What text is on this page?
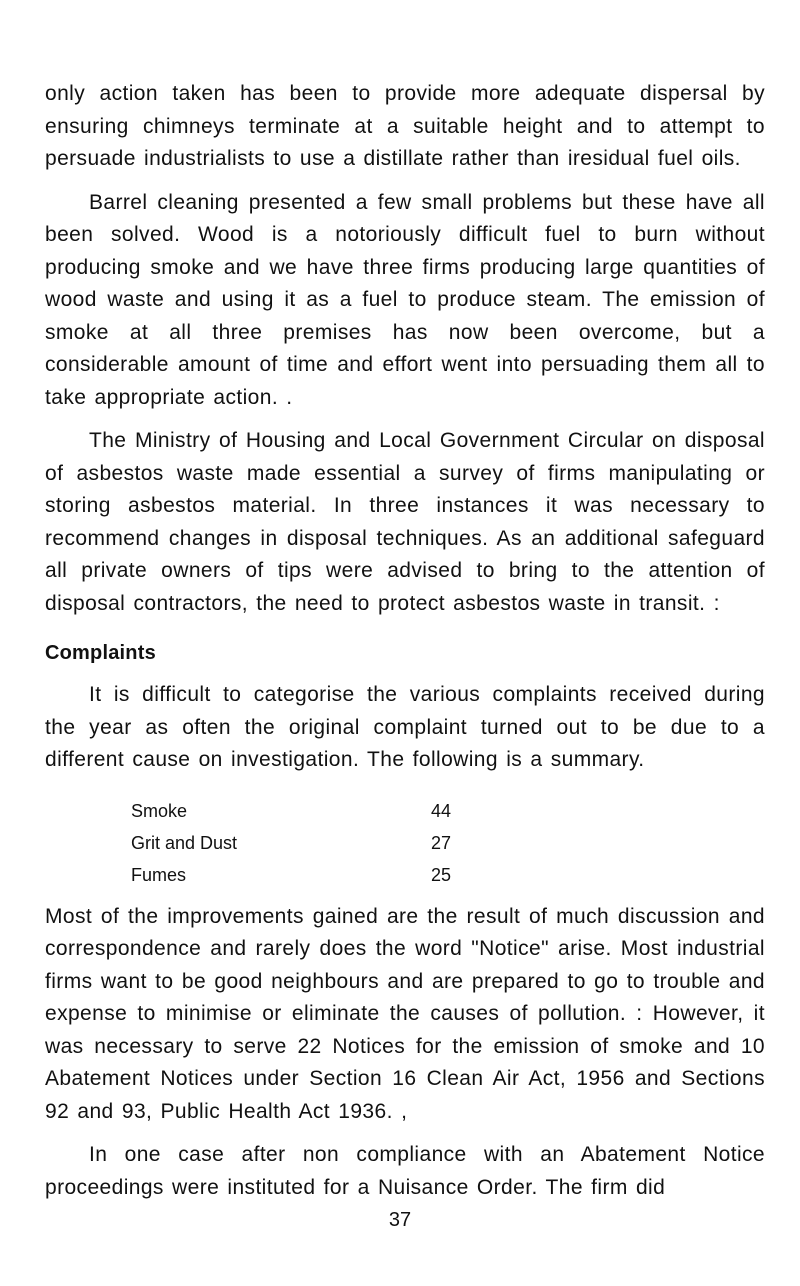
only action taken has been to provide more adequate dispersal by ensuring chimneys terminate at a suitable height and to attempt to persuade industrialists to use a distillate rather than iresidual fuel oils.

Barrel cleaning presented a few small problems but these have all been solved. Wood is a notoriously difficult fuel to burn without producing smoke and we have three firms producing large quantities of wood waste and using it as a fuel to produce steam. The emission of smoke at all three premises has now been overcome, but a considerable amount of time and effort went into persuading them all to take appropriate action. .

The Ministry of Housing and Local Government Circular on disposal of asbestos waste made essential a survey of firms manipulating or storing asbestos material. In three instances it was necessary to recommend changes in disposal techniques. As an additional safeguard all private owners of tips were advised to bring to the attention of disposal contractors, the need to protect asbestos waste in transit. :

Complaints

It is difficult to categorise the various complaints received during the year as often the original complaint turned out to be due to a different cause on investigation. The following is a summary.

Smoke	44
Grit and Dust	27
Fumes	25

Most of the improvements gained are the result of much discussion and correspondence and rarely does the word "Notice" arise. Most industrial firms want to be good neighbours and are prepared to go to trouble and expense to minimise or eliminate the causes of pollution. : However, it was necessary to serve 22 Notices for the emission of smoke and 10 Abatement Notices under Section 16 Clean Air Act, 1956 and Sections 92 and 93, Public Health Act 1936. ,

In one case after non compliance with an Abatement Notice proceedings were instituted for a Nuisance Order. The firm did

37
